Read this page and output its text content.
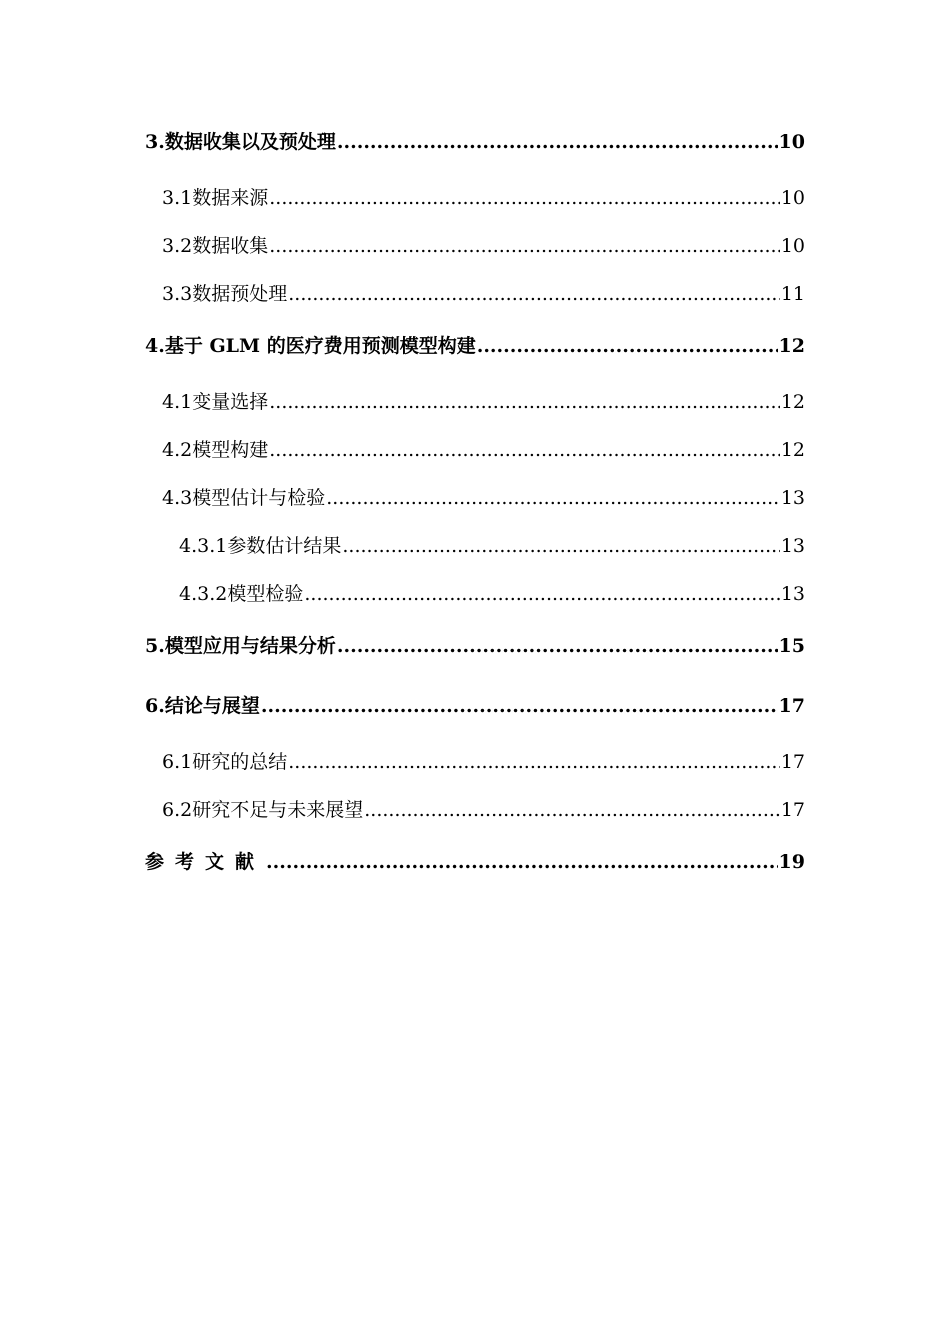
3. 数据收集以及预处理 .....	10
3.1 数据来源 .....	10
3.2 数据收集 .....	10
3.3 数据预处理 .....	11
4. 基于 GLM 的医疗费用预测模型构建 .....	12
4.1 变量选择 .....	12
4.2 模型构建 .....	12
4.3 模型估计与检验 .....	13
4.3.1 参数估计结果 .....	13
4.3.2 模型检验 .....	13
5. 模型应用与结果分析 .....	15
6. 结论与展望 .....	17
6.1 研究的总结 .....	17
6.2 研究不足与未来展望 .....	17
参考文献 .....	19
